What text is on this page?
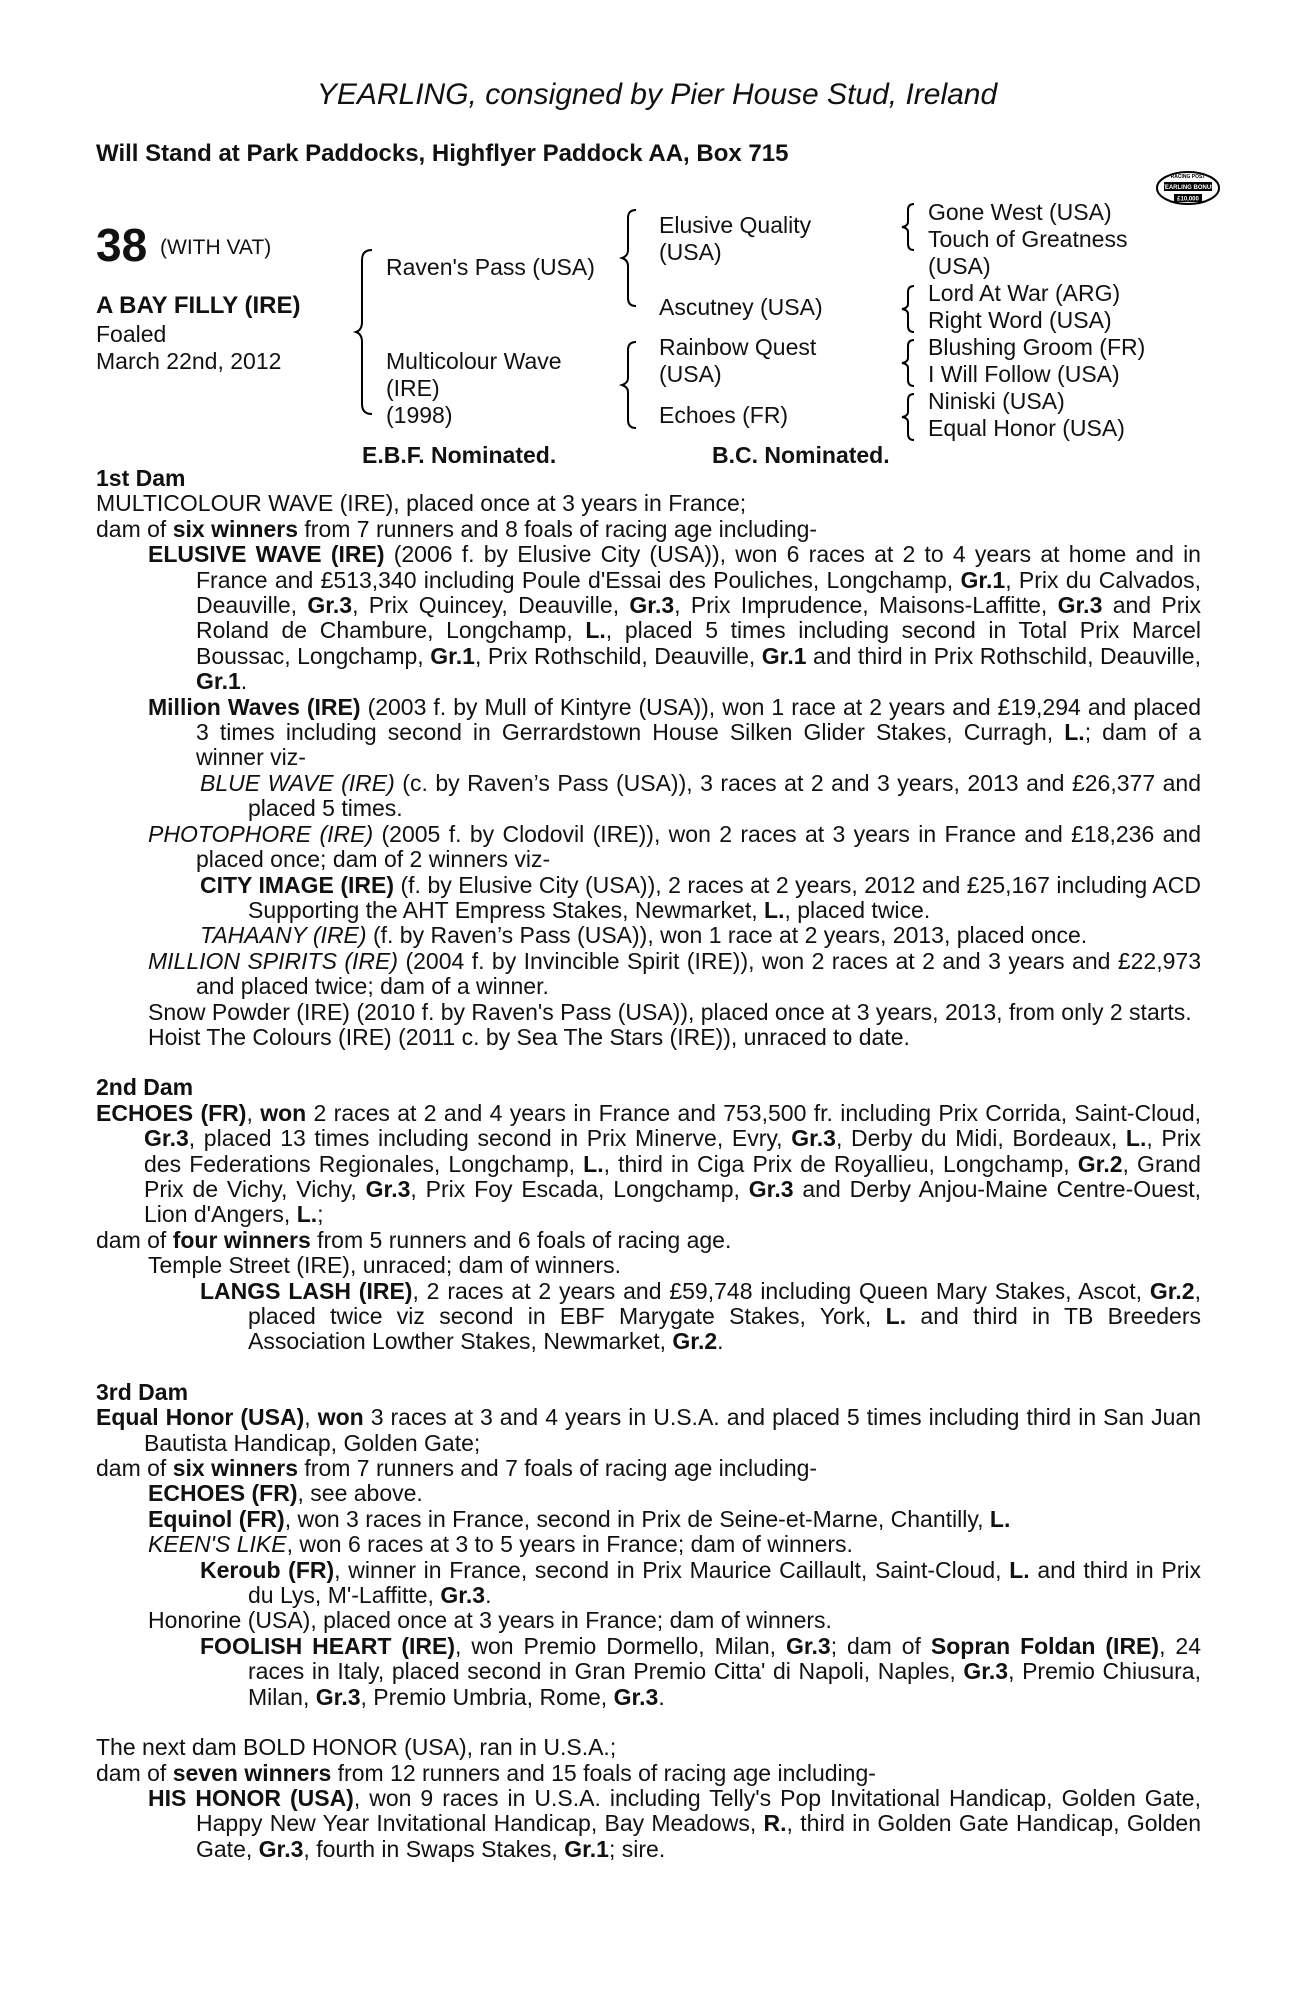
YEARLING, consigned by Pier House Stud, Ireland
Will Stand at Park Paddocks, Highflyer Paddock AA, Box 715
YEARLING BONUS
RACING POST
£10,000
38 (WITH VAT)
A BAY FILLY (IRE)
Foaled
March 22nd, 2012
Raven's Pass (USA)
Multicolour Wave
(IRE)
(1998)
Elusive Quality
(USA)
Ascutney (USA)
Rainbow Quest
(USA)
Echoes (FR)
Gone West (USA)
Touch of Greatness
(USA)
Lord At War (ARG)
Right Word (USA)
Blushing Groom (FR)
I Will Follow (USA)
Niniski (USA)
Equal Honor (USA)
E.B.F. Nominated.	B.C. Nominated.

1st Dam

MULTICOLOUR WAVE (IRE), placed once at 3 years in France;

dam of six winners from 7 runners and 8 foals of racing age including-

ELUSIVE WAVE (IRE) (2006 f. by Elusive City (USA)), won 6 races at 2 to 4 years at home and in France and £513,340 including Poule d'Essai des Pouliches, Longchamp, Gr.1, Prix du Calvados, Deauville, Gr.3, Prix Quincey, Deauville, Gr.3, Prix Imprudence, Maisons-Laffitte, Gr.3 and Prix Roland de Chambure, Longchamp, L., placed 5 times including second in Total Prix Marcel Boussac, Longchamp, Gr.1, Prix Rothschild, Deauville, Gr.1 and third in Prix Rothschild, Deauville, Gr.1.

Million Waves (IRE) (2003 f. by Mull of Kintyre (USA)), won 1 race at 2 years and £19,294 and placed 3 times including second in Gerrardstown House Silken Glider Stakes, Curragh, L.; dam of a winner viz-

BLUE WAVE (IRE) (c. by Raven’s Pass (USA)), 3 races at 2 and 3 years, 2013 and £26,377 and placed 5 times.

PHOTOPHORE (IRE) (2005 f. by Clodovil (IRE)), won 2 races at 3 years in France and £18,236 and placed once; dam of 2 winners viz-

CITY IMAGE (IRE) (f. by Elusive City (USA)), 2 races at 2 years, 2012 and £25,167 including ACD Supporting the AHT Empress Stakes, Newmarket, L., placed twice.

TAHAANY (IRE) (f. by Raven’s Pass (USA)), won 1 race at 2 years, 2013, placed once.

MILLION SPIRITS (IRE) (2004 f. by Invincible Spirit (IRE)), won 2 races at 2 and 3 years and £22,973 and placed twice; dam of a winner.

Snow Powder (IRE) (2010 f. by Raven's Pass (USA)), placed once at 3 years, 2013, from only 2 starts.

Hoist The Colours (IRE) (2011 c. by Sea The Stars (IRE)), unraced to date.

2nd Dam

ECHOES (FR), won 2 races at 2 and 4 years in France and 753,500 fr. including Prix Corrida, Saint-Cloud, Gr.3, placed 13 times including second in Prix Minerve, Evry, Gr.3, Derby du Midi, Bordeaux, L., Prix des Federations Regionales, Longchamp, L., third in Ciga Prix de Royallieu, Longchamp, Gr.2, Grand Prix de Vichy, Vichy, Gr.3, Prix Foy Escada, Longchamp, Gr.3 and Derby Anjou-Maine Centre-Ouest, Lion d'Angers, L.;

dam of four winners from 5 runners and 6 foals of racing age.

Temple Street (IRE), unraced; dam of winners.

LANGS LASH (IRE), 2 races at 2 years and £59,748 including Queen Mary Stakes, Ascot, Gr.2, placed twice viz second in EBF Marygate Stakes, York, L. and third in TB Breeders Association Lowther Stakes, Newmarket, Gr.2.

3rd Dam

Equal Honor (USA), won 3 races at 3 and 4 years in U.S.A. and placed 5 times including third in San Juan Bautista Handicap, Golden Gate;

dam of six winners from 7 runners and 7 foals of racing age including-

ECHOES (FR), see above.

Equinol (FR), won 3 races in France, second in Prix de Seine-et-Marne, Chantilly, L.

KEEN'S LIKE, won 6 races at 3 to 5 years in France; dam of winners.

Keroub (FR), winner in France, second in Prix Maurice Caillault, Saint-Cloud, L. and third in Prix du Lys, M'-Laffitte, Gr.3.

Honorine (USA), placed once at 3 years in France; dam of winners.

FOOLISH HEART (IRE), won Premio Dormello, Milan, Gr.3; dam of Sopran Foldan (IRE), 24 races in Italy, placed second in Gran Premio Citta' di Napoli, Naples, Gr.3, Premio Chiusura, Milan, Gr.3, Premio Umbria, Rome, Gr.3.

The next dam BOLD HONOR (USA), ran in U.S.A.;

dam of seven winners from 12 runners and 15 foals of racing age including-

HIS HONOR (USA), won 9 races in U.S.A. including Telly's Pop Invitational Handicap, Golden Gate, Happy New Year Invitational Handicap, Bay Meadows, R., third in Golden Gate Handicap, Golden Gate, Gr.3, fourth in Swaps Stakes, Gr.1; sire.
